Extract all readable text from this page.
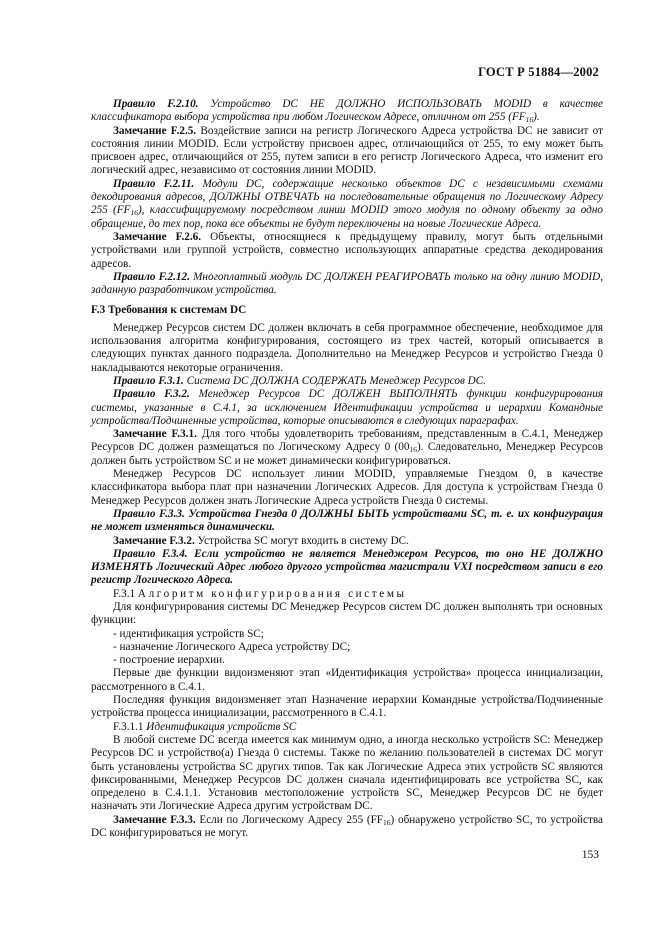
ГОСТ Р 51884—2002

Правило F.2.10. Устройство DC НЕ ДОЛЖНО ИСПОЛЬЗОВАТЬ MODID в качестве классификатора выбора устройства при любом Логическом Адресе, отличном от 255 $(FF_{16})$.

Замечание F.2.5. Воздействие записи на регистр Логического Адреса устройства DC не зависит от состояния линии MODID. Если устройству присвоен адрес, отличающийся от 255, то ему может быть присвоен адрес, отличающийся от 255, путем записи в его регистр Логического Адреса, что изменит его логический адрес, независимо от состояния линии MODID.

Правило F.2.11. Модули DC, содержащие несколько объектов DC с независимыми схемами декодирования адресов, ДОЛЖНЫ ОТВЕЧАТЬ на последовательные обращения по Логическому Адресу 255 $(FF_{16})$, классифицируемому посредством линии MODID этого модуля по одному объекту за одно обращение, до тех пор, пока все объекты не будут переключены на новые Логические Адреса.

Замечание F.2.6. Объекты, относящиеся к предыдущему правилу, могут быть отдельными устройствами или группой устройств, совместно использующих аппаратные средства декодирования адресов.

Правило F.2.12. Многоплатный модуль DC ДОЛЖЕН РЕАГИРОВАТЬ только на одну линию MODID, заданную разработчиком устройства.

F.3 Требования к системам DC

Менеджер Ресурсов систем DC должен включать в себя программное обеспечение, необходимое для использования алгоритма конфигурирования, состоящего из трех частей, который описывается в следующих пунктах данного подраздела. Дополнительно на Менеджер Ресурсов и устройство Гнезда 0 накладываются некоторые ограничения.

Правило F.3.1. Система DC ДОЛЖНА СОДЕРЖАТЬ Менеджер Ресурсов DC.

Правило F.3.2. Менеджер Ресурсов DC ДОЛЖЕН ВЫПОЛНЯТЬ функции конфигурирования системы, указанные в С.4.1, за исключением Идентификации устройства и иерархии Командные устройства/Подчиненные устройства, которые описываются в следующих параграфах.

Замечание F.3.1. Для того чтобы удовлетворить требованиям, представленным в С.4.1, Менеджер Ресурсов DC должен размещаться по Логическому Адресу 0 $(00_{16})$. Следовательно, Менеджер Ресурсов должен быть устройством SC и не может динамически конфигурироваться.

Менеджер Ресурсов DC использует линии MODID, управляемые Гнездом 0, в качестве классификатора выбора плат при назначении Логических Адресов. Для доступа к устройствам Гнезда 0 Менеджер Ресурсов должен знать Логические Адреса устройств Гнезда 0 системы.

Правило F.3.3. Устройства Гнезда 0 ДОЛЖНЫ БЫТЬ устройствами SC, т. е. их конфигурация не может изменяться динамически.

Замечание F.3.2. Устройства SC могут входить в систему DC.

Правило F.3.4. Если устройство не является Менеджером Ресурсов, то оно НЕ ДОЛЖНО ИЗМЕНЯТЬ Логический Адрес любого другого устройства магистрали VXI посредством записи в его регистр Логического Адреса.

F.3.1 Алгоритм конфигурирования системы

Для конфигурирования системы DC Менеджер Ресурсов систем DC должен выполнять три основных функции:

- идентификация устройств SC;

- назначение Логического Адреса устройству DC;

- построение иерархии.

Первые две функции видоизменяют этап «Идентификация устройства» процесса инициализации, рассмотренного в С.4.1.

Последняя функция видоизменяет этап Назначение иерархии Командные устройства/Подчиненные устройства процесса инициализации, рассмотренного в С.4.1.

F.3.1.1 Идентификация устройств SC

В любой системе DC всегда имеется как минимум одно, а иногда несколько устройств SC: Менеджер Ресурсов DC и устройство(а) Гнезда 0 системы. Также по желанию пользователей в системах DC могут быть установлены устройства SC других типов. Так как Логические Адреса этих устройств SC являются фиксированными, Менеджер Ресурсов DC должен сначала идентифицировать все устройства SC, как определено в С.4.1.1. Установив местоположение устройств SC, Менеджер Ресурсов DC не будет назначать эти Логические Адреса другим устройствам DC.

Замечание F.3.3. Если по Логическому Адресу 255 $(FF_{16})$ обнаружено устройство SC, то устройства DC конфигурироваться не могут.

153
